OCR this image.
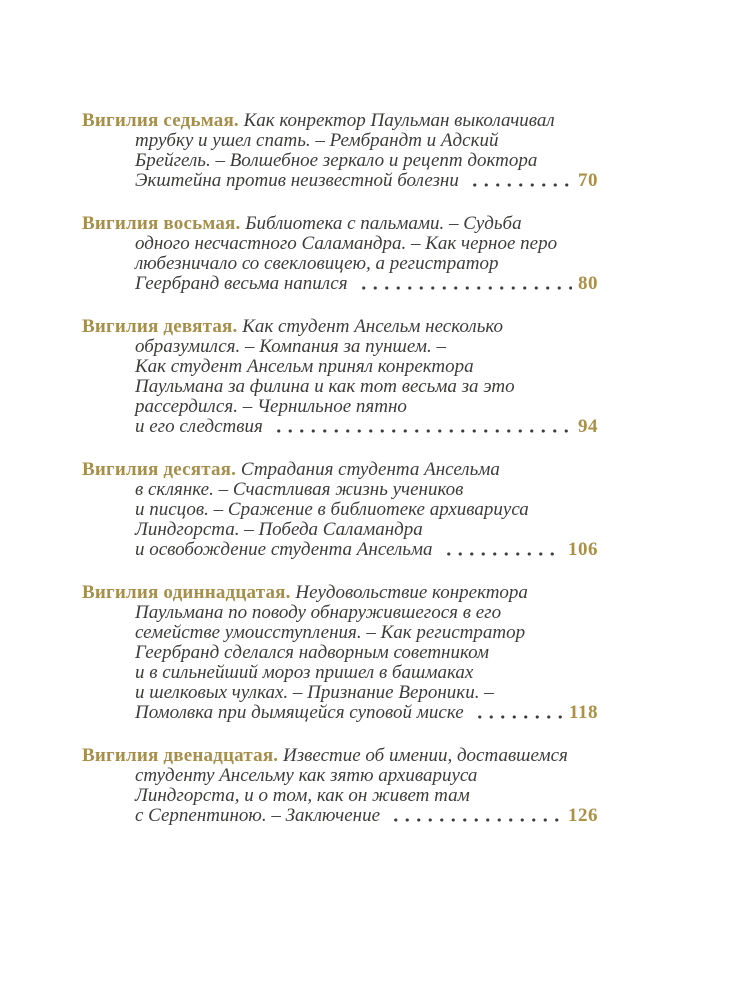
Вигилия седьмая. Как конректор Паульман выколачивал
трубку и ушел спать. – Рембрандт и Адский
Брейгель. – Волшебное зеркало и рецепт доктора
Экштейна против неизвестной болезни	70
Вигилия восьмая. Библиотека с пальмами. – Судьба
одного несчастного Саламандра. – Как черное перо
любезничало со свекловицею, а регистратор
Геербранд весьма напился	80
Вигилия девятая. Как студент Ансельм несколько
образумился. – Компания за пуншем. –
Как студент Ансельм принял конректора
Паульмана за филина и как тот весьма за это
рассердился. – Чернильное пятно
и его следствия	94
Вигилия десятая. Страдания студента Ансельма
в склянке. – Счастливая жизнь учеников
и писцов. – Сражение в библиотеке архивариуса
Линдгорста. – Победа Саламандра
и освобождение студента Ансельма	106
Вигилия одиннадцатая. Неудовольствие конректора
Паульмана по поводу обнаружившегося в его
семействе умоисступления. – Как регистратор
Геербранд сделался надворным советником
и в сильнейший мороз пришел в башмаках
и шелковых чулках. – Признание Вероники. –
Помолвка при дымящейся суповой миске	118
Вигилия двенадцатая. Известие об имении, доставшемся
студенту Ансельму как зятю архивариуса
Линдгорста, и о том, как он живет там
с Серпентиною. – Заключение	126
